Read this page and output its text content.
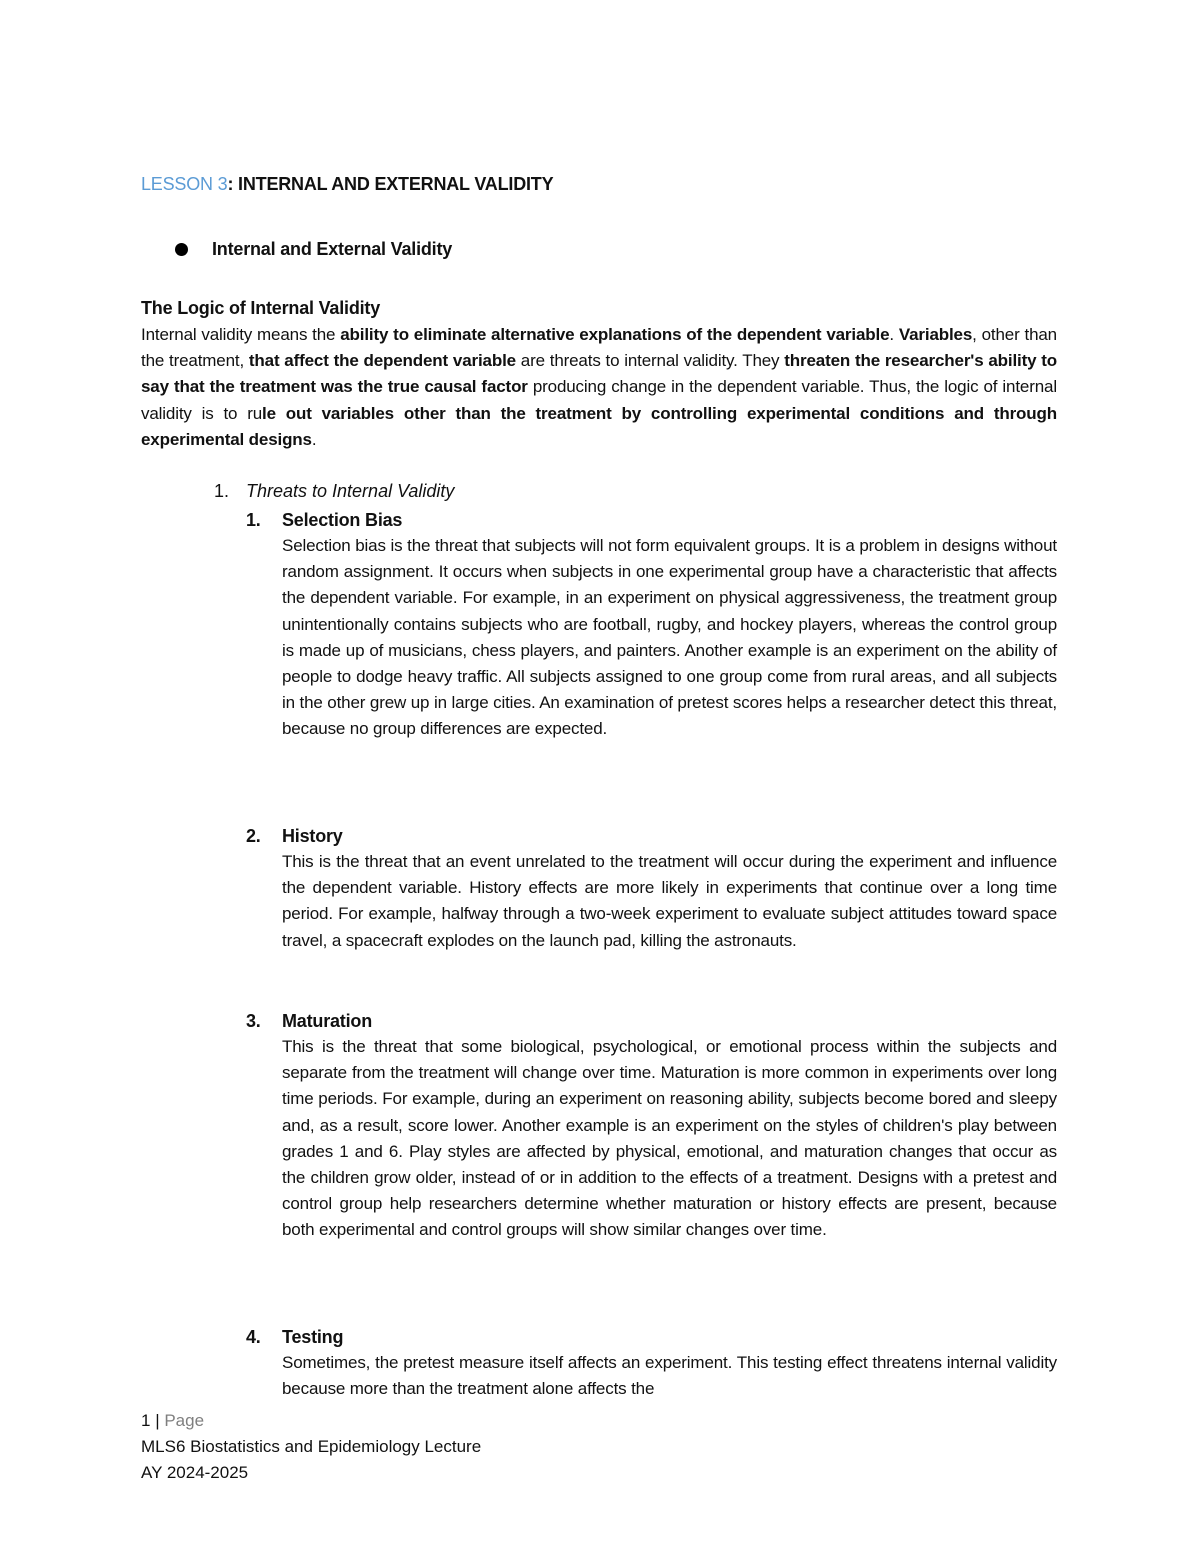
LESSON 3: INTERNAL AND EXTERNAL VALIDITY
Internal and External Validity
The Logic of Internal Validity
Internal validity means the ability to eliminate alternative explanations of the dependent variable. Variables, other than the treatment, that affect the dependent variable are threats to internal validity. They threaten the researcher's ability to say that the treatment was the true causal factor producing change in the dependent variable. Thus, the logic of internal validity is to rule out variables other than the treatment by controlling experimental conditions and through experimental designs.
1. Threats to Internal Validity
1.	Selection Bias
Selection bias is the threat that subjects will not form equivalent groups. It is a problem in designs without random assignment. It occurs when subjects in one experimental group have a characteristic that affects the dependent variable. For example, in an experiment on physical aggressiveness, the treatment group unintentionally contains subjects who are football, rugby, and hockey players, whereas the control group is made up of musicians, chess players, and painters. Another example is an experiment on the ability of people to dodge heavy traffic. All subjects assigned to one group come from rural areas, and all subjects in the other grew up in large cities. An examination of pretest scores helps a researcher detect this threat, because no group differences are expected.
2.	History
This is the threat that an event unrelated to the treatment will occur during the experiment and influence the dependent variable. History effects are more likely in experiments that continue over a long time period. For example, halfway through a two-week experiment to evaluate subject attitudes toward space travel, a spacecraft explodes on the launch pad, killing the astronauts.
3.	Maturation
This is the threat that some biological, psychological, or emotional process within the subjects and separate from the treatment will change over time. Maturation is more common in experiments over long time periods. For example, during an experiment on reasoning ability, subjects become bored and sleepy and, as a result, score lower. Another example is an experiment on the styles of children's play between grades 1 and 6. Play styles are affected by physical, emotional, and maturation changes that occur as the children grow older, instead of or in addition to the effects of a treatment. Designs with a pretest and control group help researchers determine whether maturation or history effects are present, because both experimental and control groups will show similar changes over time.
4.	Testing
Sometimes, the pretest measure itself affects an experiment. This testing effect threatens internal validity because more than the treatment alone affects the
1 | Page
MLS6 Biostatistics and Epidemiology Lecture
AY 2024-2025
